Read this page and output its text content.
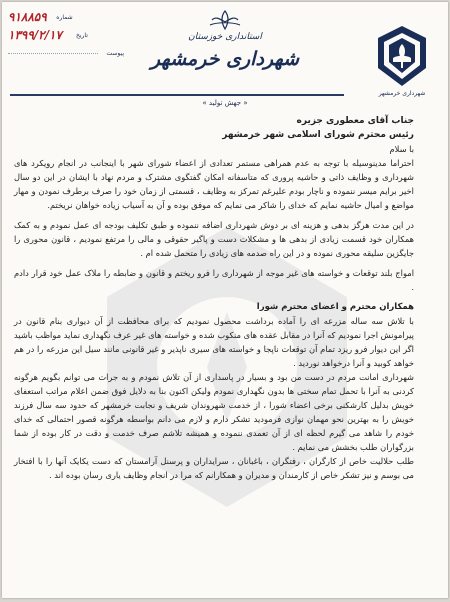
۹۱۸۸۵۹	شماره
۱۳۹۹/۲/۱۷	تاریخ
پیوست
استانداری خوزستان
شهرداری خرمشهر
شهرداری خرمشهر
« جهش تولید »

جناب آقای معطوری جزیره

رئیس محترم شورای اسلامی شهر خرمشهر

با سلام

احتراما مدینوسیله با توجه به عدم همراهی مستمر تعدادی از اعضاء شورای شهر با اینجانب در انجام رویکرد های شهرداری و وظایف ذاتی و حاشیه پروری که متاسفانه امکان گفتگوی مشترک و مردم نهاد با ایشان در این دو سال اخیر برایم میسر ننموده و ناچار بودم علیرغم تمرکز به وظایف ، قسمتی از زمان خود را صرف برطرف نمودن و مهار مواضع و امیال حاشیه نمایم که خدای را شاکر می نمایم که موفق بوده و آن به آسیاب زیاده خواهان نریختم.

در این مدت هرگز بدهی و هزینه ای بر دوش شهرداری اضافه ننموده و طبق تکلیف بودجه ای عمل نمودم و به کمک همکاران خود قسمت زیادی از بدهی ها و مشکلات دست و پاگیر حقوقی و مالی را مرتفع نمودیم ، قانون محوری را جایگزین سلیقه محوری نموده و در این راه صدمه های زیادی را متحمل شده ام .

امواج بلند توقعات و خواسته های غیر موجه از شهرداری را فرو ریختم و قانون و ضابطه را ملاک عمل خود قرار دادم .

همکاران محترم و اعضای محترم شورا

با تلاش سه ساله مزرعه ای را آماده برداشت محصول نمودیم که برای محافظت از آن دیواری بنام قانون در پیرامونش اجرا نمودیم که آنرا در مقابل عقده های منکوب شده و خواسته های غیر عرف نگهداری نماید مواظب باشید اگر این دیوار فرو ریزد تمام آن توقعات ناپجا و خواسته های سیری ناپذیر و غیر قانونی مانند سیل این مزرعه را در هم خواهد کوبید و آنرا درخواهد نوردید .

شهرداری امانت مردم در دست من بود و بسیار در پاسداری از آن تلاش نمودم و به جرات می توانم بگویم هرگونه کردنی به آنرا با تحمل تمام سختی ها بدون نگهداری نمودم ولیکن اکنون بنا به دلایل فوق ضمن اعلام مراتب استعفای خویش بدلیل کارشکنی برخی اعضاء شورا ، از خدمت شهروندان شریف و نجابت خرمشهر که حدود سه سال فرزند خویش را به بهترین نحو مهمان نوازی فرمودید تشکر دارم و لازم می دانم بواسطه هرگونه قصور احتمالی که خدای خودم را شاهد می گیرم لحظه ای از آن تعمدی ننموده و همیشه تلاشم صرف خدمت و دقت در کار بوده از شما بزرگواران طلب بخشش می نمایم .

طلب حلالیت خاص از کارگران ، رفتگران ، باغبانان ، سرایداران و پرسنل آرامستان که دست یکایک آنها را با افتخار می بوسم و نیز تشکر خاص از کارمندان و مدیران و همکارانم که مرا در انجام وظایف یاری رسان بوده اند .
